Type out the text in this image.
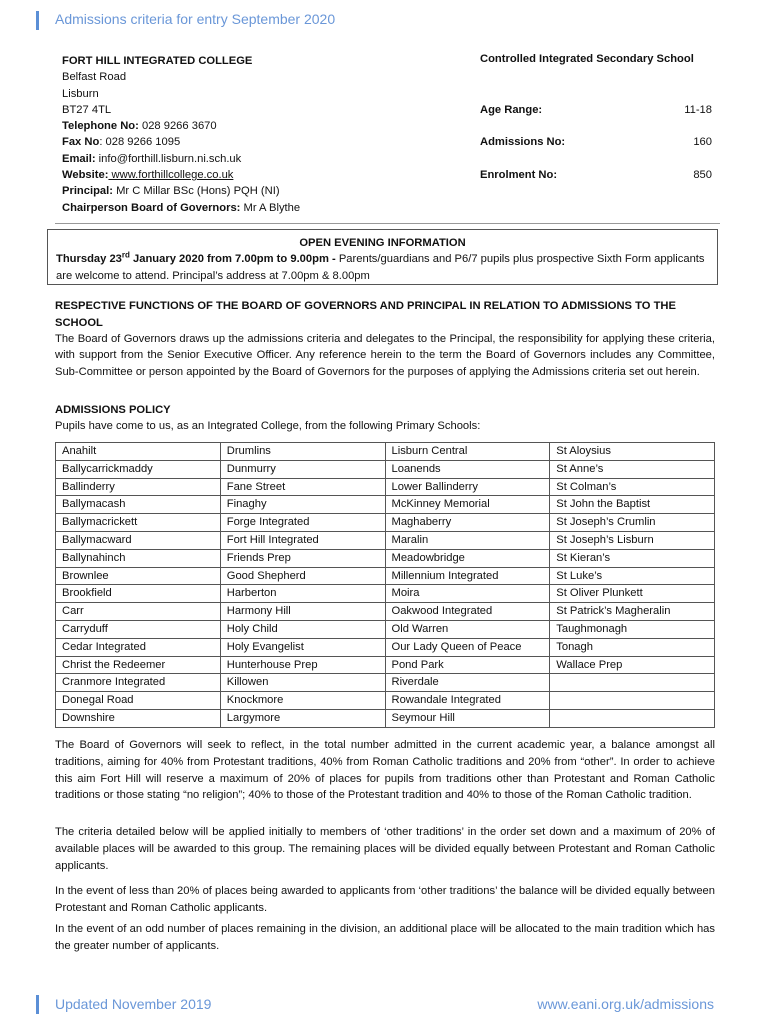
Admissions criteria for entry September 2020
FORT HILL INTEGRATED COLLEGE
Belfast Road
Lisburn
BT27 4TL
Telephone No: 028 9266 3670
Fax No: 028 9266 1095
Email: info@forthill.lisburn.ni.sch.uk
Website: www.forthillcollege.co.uk
Principal: Mr C Millar BSc (Hons) PQH (NI)
Chairperson Board of Governors: Mr A Blythe
Controlled Integrated Secondary School
Age Range:	11-18
Admissions No:	160
Enrolment No:	850
OPEN EVENING INFORMATION
Thursday 23rd January 2020 from 7.00pm to 9.00pm - Parents/guardians and P6/7 pupils plus prospective Sixth Form applicants are welcome to attend. Principal’s address at 7.00pm & 8.00pm
RESPECTIVE FUNCTIONS OF THE BOARD OF GOVERNORS AND PRINCIPAL IN RELATION TO ADMISSIONS TO THE SCHOOL
The Board of Governors draws up the admissions criteria and delegates to the Principal, the responsibility for applying these criteria, with support from the Senior Executive Officer. Any reference herein to the term the Board of Governors includes any Committee, Sub-Committee or person appointed by the Board of Governors for the purposes of applying the Admissions criteria set out herein.
ADMISSIONS POLICY
Pupils have come to us, as an Integrated College, from the following Primary Schools:
Anahilt	Drumlins	Lisburn Central	St Aloysius
Ballycarrickmaddy	Dunmurry	Loanends	St Anne’s
Ballinderry	Fane Street	Lower Ballinderry	St Colman’s
Ballymacash	Finaghy	McKinney Memorial	St John the Baptist
Ballymacrickett	Forge Integrated	Maghaberry	St Joseph’s Crumlin
Ballymacward	Fort Hill Integrated	Maralin	St Joseph’s Lisburn
Ballynahinch	Friends Prep	Meadowbridge	St Kieran’s
Brownlee	Good Shepherd	Millennium Integrated	St Luke’s
Brookfield	Harberton	Moira	St Oliver Plunkett
Carr	Harmony Hill	Oakwood Integrated	St Patrick’s Magheralin
Carryduff	Holy Child	Old Warren	Taughmonagh
Cedar Integrated	Holy Evangelist	Our Lady Queen of Peace	Tonagh
Christ the Redeemer	Hunterhouse Prep	Pond Park	Wallace Prep
Cranmore Integrated	Killowen	Riverdale	
Donegal Road	Knockmore	Rowandale Integrated	
Downshire	Largymore	Seymour Hill	
The Board of Governors will seek to reflect, in the total number admitted in the current academic year, a balance amongst all traditions, aiming for 40% from Protestant traditions, 40% from Roman Catholic traditions and 20% from “other”. In order to achieve this aim Fort Hill will reserve a maximum of 20% of places for pupils from traditions other than Protestant and Roman Catholic traditions or those stating “no religion”; 40% to those of the Protestant tradition and 40% to those of the Roman Catholic tradition.
The criteria detailed below will be applied initially to members of ‘other traditions’ in the order set down and a maximum of 20% of available places will be awarded to this group. The remaining places will be divided equally between Protestant and Roman Catholic applicants.
In the event of less than 20% of places being awarded to applicants from ‘other traditions’ the balance will be divided equally between Protestant and Roman Catholic applicants.
In the event of an odd number of places remaining in the division, an additional place will be allocated to the main tradition which has the greater number of applicants.
Updated November 2019	www.eani.org.uk/admissions
